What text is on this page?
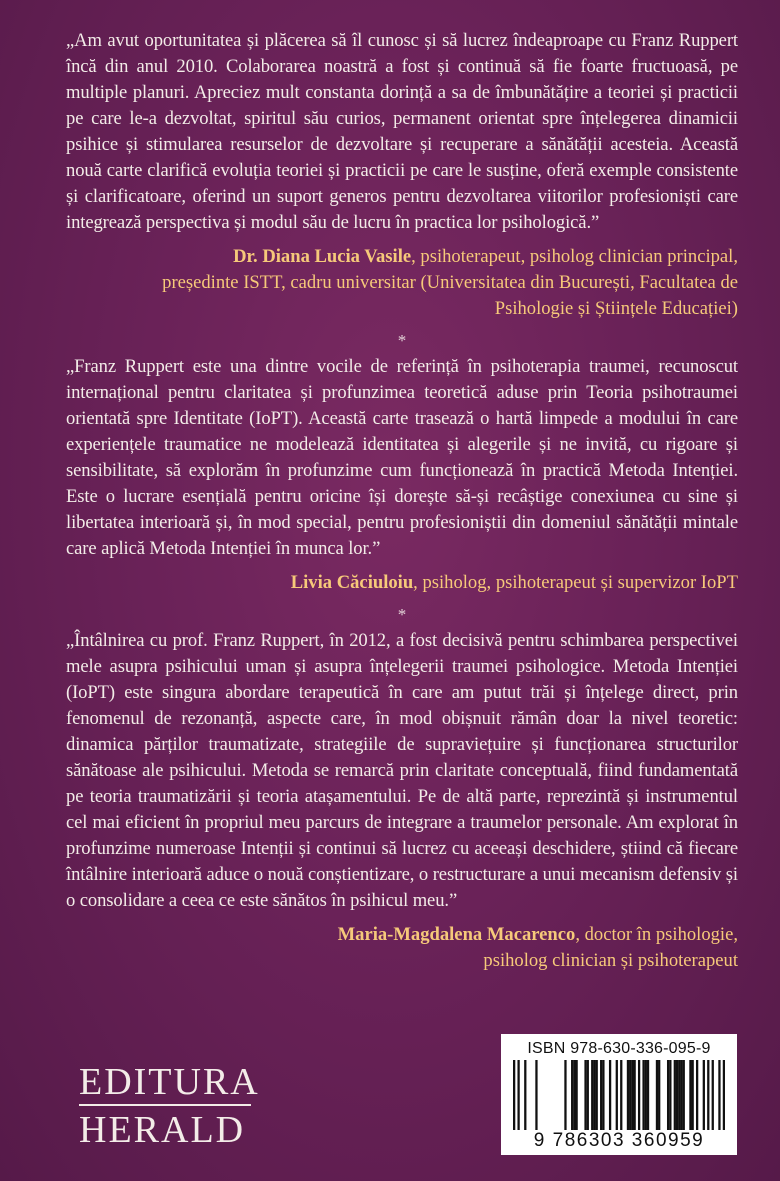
„Am avut oportunitatea și plăcerea să îl cunosc și să lucrez îndeaproape cu Franz Ruppert încă din anul 2010. Colaborarea noastră a fost și continuă să fie foarte fructuoasă, pe multiple planuri. Apreciez mult constanta dorință a sa de îmbunătățire a teoriei și practicii pe care le-a dezvoltat, spiritul său curios, permanent orientat spre înțelegerea dinamicii psihice și stimularea resurselor de dezvoltare și recuperare a sănătății acesteia. Această nouă carte clarifică evoluția teoriei și practicii pe care le susține, oferă exemple consistente și clarificatoare, oferind un suport generos pentru dezvoltarea viitorilor profesioniști care integrează perspectiva și modul său de lucru în practica lor psihologică.”

Dr. Diana Lucia Vasile, psihoterapeut, psiholog clinician principal,
președinte ISTT, cadru universitar (Universitatea din București, Facultatea de
Psihologie și Științele Educației)
*

„Franz Ruppert este una dintre vocile de referință în psihoterapia traumei, recunoscut internațional pentru claritatea și profunzimea teoretică aduse prin Teoria psihotraumei orientată spre Identitate (IoPT). Această carte trasează o hartă limpede a modului în care experiențele traumatice ne modelează identitatea și alegerile și ne invită, cu rigoare și sensibilitate, să explorăm în profunzime cum funcționează în practică Metoda Intenției. Este o lucrare esențială pentru oricine își dorește să-și recâștige conexiunea cu sine și libertatea interioară și, în mod special, pentru profesioniștii din domeniul sănătății mintale care aplică Metoda Intenției în munca lor.”

Livia Căciuloiu, psiholog, psihoterapeut și supervizor IoPT
*

„Întâlnirea cu prof. Franz Ruppert, în 2012, a fost decisivă pentru schimbarea perspectivei mele asupra psihicului uman și asupra înțelegerii traumei psihologice. Metoda Intenției (IoPT) este singura abordare terapeutică în care am putut trăi și înțelege direct, prin fenomenul de rezonanță, aspecte care, în mod obișnuit rămân doar la nivel teoretic: dinamica părților traumatizate, strategiile de supraviețuire și funcționarea structurilor sănătoase ale psihicului. Metoda se remarcă prin claritate conceptuală, fiind fundamentată pe teoria traumatizării și teoria atașamentului. Pe de altă parte, reprezintă și instrumentul cel mai eficient în propriul meu parcurs de integrare a traumelor personale. Am explorat în profunzime numeroase Intenții și continui să lucrez cu aceeași deschidere, știind că fiecare întâlnire interioară aduce o nouă conștientizare, o restructurare a unui mecanism defensiv și o consolidare a ceea ce este sănătos în psihicul meu.”

Maria-Magdalena Macarenco, doctor în psihologie,
psiholog clinician și psihoterapeut
EDITURA
HERALD
ISBN 978-630-336-095-9
9 786303 360959
